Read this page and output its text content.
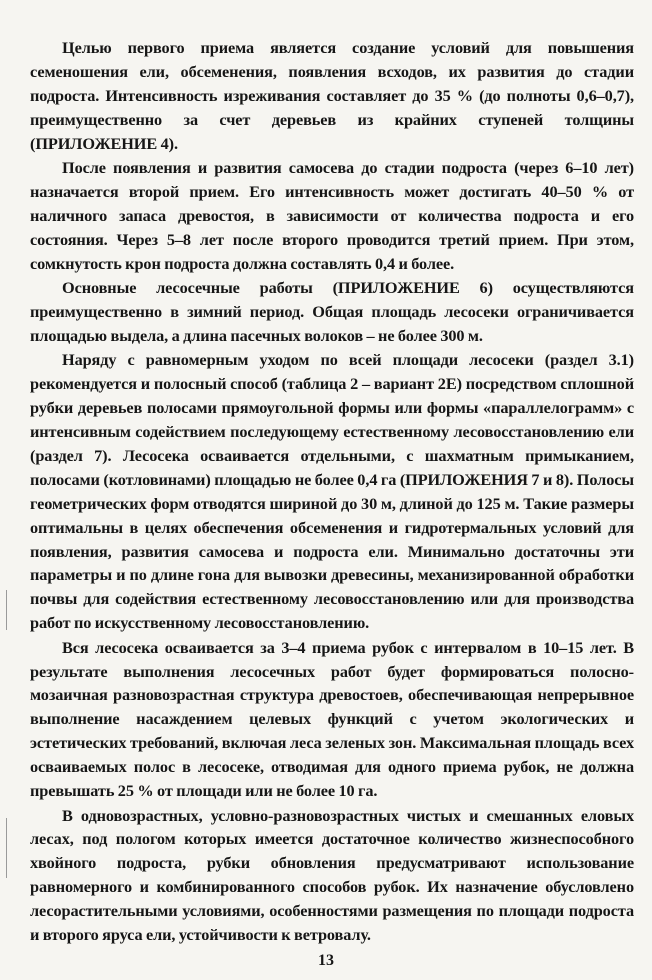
Целью первого приема является создание условий для повышения семеношения ели, обсеменения, появления всходов, их развития до стадии подроста. Интенсивность изреживания составляет до 35 % (до полноты 0,6–0,7), преимущественно за счет деревьев из крайних ступеней толщины (ПРИЛОЖЕНИЕ 4).

После появления и развития самосева до стадии подроста (через 6–10 лет) назначается второй прием. Его интенсивность может достигать 40–50 % от наличного запаса древостоя, в зависимости от количества подроста и его состояния. Через 5–8 лет после второго проводится третий прием. При этом, сомкнутость крон подроста должна составлять 0,4 и более.

Основные лесосечные работы (ПРИЛОЖЕНИЕ 6) осуществляются преимущественно в зимний период. Общая площадь лесосеки ограничивается площадью выдела, а длина пасечных волоков – не более 300 м.

Наряду с равномерным уходом по всей площади лесосеки (раздел 3.1) рекомендуется и полосный способ (таблица 2 – вариант 2Е) посредством сплошной рубки деревьев полосами прямоугольной формы или формы «параллелограмм» с интенсивным содействием последующему естественному лесовосстановлению ели (раздел 7). Лесосека осваивается отдельными, с шахматным примыканием, полосами (котловинами) площадью не более 0,4 га (ПРИЛОЖЕНИЯ 7 и 8). Полосы геометрических форм отводятся шириной до 30 м, длиной до 125 м. Такие размеры оптимальны в целях обеспечения обсеменения и гидротермальных условий для появления, развития самосева и подроста ели. Минимально достаточны эти параметры и по длине гона для вывозки древесины, механизированной обработки почвы для содействия естественному лесовосстановлению или для производства работ по искусственному лесовосстановлению.

Вся лесосека осваивается за 3–4 приема рубок с интервалом в 10–15 лет. В результате выполнения лесосечных работ будет формироваться полосно-мозаичная разновозрастная структура древостоев, обеспечивающая непрерывное выполнение насаждением целевых функций с учетом экологических и эстетических требований, включая леса зеленых зон. Максимальная площадь всех осваиваемых полос в лесосеке, отводимая для одного приема рубок, не должна превышать 25 % от площади или не более 10 га.

В одновозрастных, условно-разновозрастных чистых и смешанных еловых лесах, под пологом которых имеется достаточное количество жизнеспособного хвойного подроста, рубки обновления предусматривают использование равномерного и комбинированного способов рубок. Их назначение обусловлено лесорастительными условиями, особенностями размещения по площади подроста и второго яруса ели, устойчивости к ветровалу.

13
